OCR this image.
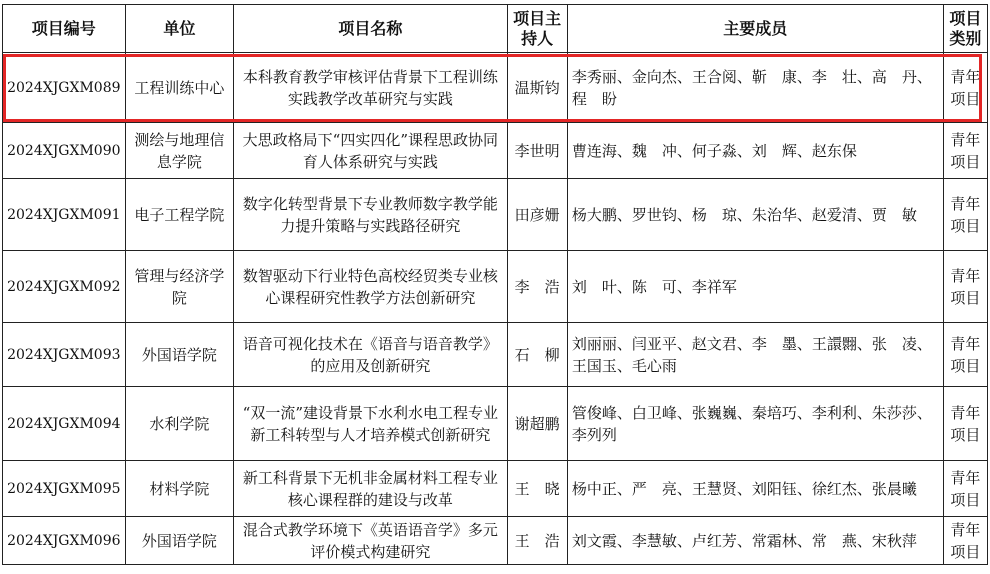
项目编号	单位	项目名称	项目主持人	主要成员	项目类别
2024XJGXM089	工程训练中心	本科教育教学审核评估背景下工程训练实践教学改革研究与实践	温斯钧	李秀丽、金向杰、王合阅、靳　康、李　壮、高　丹、程　盼	青年项目
2024XJGXM090	测绘与地理信息学院	大思政格局下“四实四化”课程思政协同育人体系研究与实践	李世明	曹连海、魏　冲、何子淼、刘　辉、赵东保	青年项目
2024XJGXM091	电子工程学院	数字化转型背景下专业教师数字教学能力提升策略与实践路径研究	田彦姗	杨大鹏、罗世钧、杨　琼、朱治华、赵爱清、贾　敏	青年项目
2024XJGXM092	管理与经济学院	数智驱动下行业特色高校经贸类专业核心课程研究性教学方法创新研究	李　浩	刘　叶、陈　可、李祥军	青年项目
2024XJGXM093	外国语学院	语音可视化技术在《语音与语音教学》的应用及创新研究	石　柳	刘丽丽、闫亚平、赵文君、李　墨、王譞翾、张　凌、王国玉、毛心雨	青年项目
2024XJGXM094	水利学院	“双一流”建设背景下水利水电工程专业新工科转型与人才培养模式创新研究	谢超鹏	管俊峰、白卫峰、张巍巍、秦培巧、李利利、朱莎莎、李列列	青年项目
2024XJGXM095	材料学院	新工科背景下无机非金属材料工程专业核心课程群的建设与改革	王　晓	杨中正、严　亮、王慧贤、刘阳钰、徐红杰、张晨曦	青年项目
2024XJGXM096	外国语学院	混合式教学环境下《英语语音学》多元评价模式构建研究	王　浩	刘文霞、李慧敏、卢红芳、常霜林、常　燕、宋秋萍	青年项目
